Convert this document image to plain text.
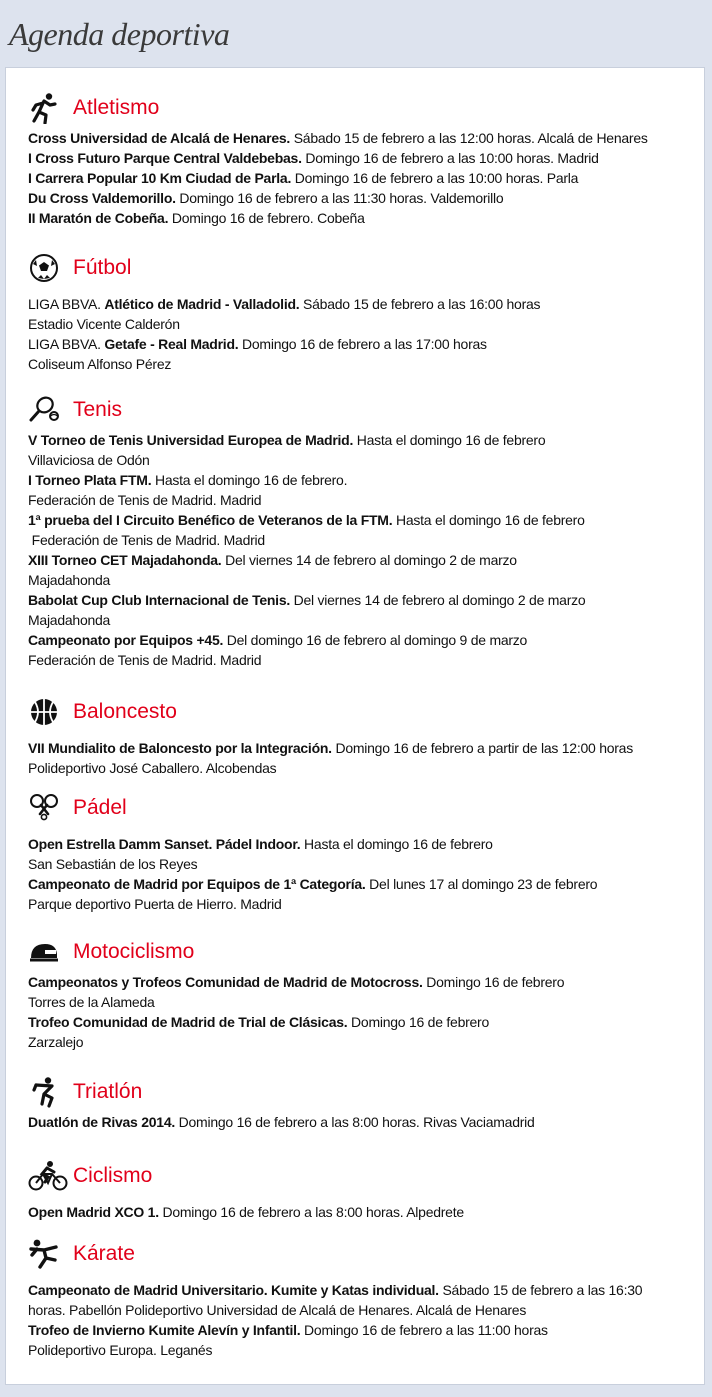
Agenda deportiva
Atletismo
Cross Universidad de Alcalá de Henares. Sábado 15 de febrero a las 12:00 horas. Alcalá de Henares
I Cross Futuro Parque Central Valdebebas. Domingo 16 de febrero a las 10:00 horas. Madrid
I Carrera Popular 10 Km Ciudad de Parla. Domingo 16 de febrero a las 10:00 horas. Parla
Du Cross Valdemorillo. Domingo 16 de febrero a las 11:30 horas. Valdemorillo
II Maratón de Cobeña. Domingo 16 de febrero. Cobeña
Fútbol
LIGA BBVA. Atlético de Madrid - Valladolid. Sábado 15 de febrero a las 16:00 horas
Estadio Vicente Calderón
LIGA BBVA. Getafe - Real Madrid. Domingo 16 de febrero a las 17:00 horas
Coliseum Alfonso Pérez
Tenis
V Torneo de Tenis Universidad Europea de Madrid. Hasta el domingo 16 de febrero
Villaviciosa de Odón
I Torneo Plata FTM. Hasta el domingo 16 de febrero.
Federación de Tenis de Madrid. Madrid
1ª prueba del I Circuito Benéfico de Veteranos de la FTM. Hasta el domingo 16 de febrero
Federación de Tenis de Madrid. Madrid
XIII Torneo CET Majadahonda. Del viernes 14 de febrero al domingo 2 de marzo
Majadahonda
Babolat Cup Club Internacional de Tenis. Del viernes 14 de febrero al domingo 2 de marzo
Majadahonda
Campeonato por Equipos +45. Del domingo 16 de febrero al domingo 9 de marzo
Federación de Tenis de Madrid. Madrid
Baloncesto
VII Mundialito de Baloncesto por la Integración. Domingo 16 de febrero a partir de las 12:00 horas
Polideportivo José Caballero. Alcobendas
Pádel
Open Estrella Damm Sanset. Pádel Indoor. Hasta el domingo 16 de febrero
San Sebastián de los Reyes
Campeonato de Madrid por Equipos de 1ª Categoría. Del lunes 17 al domingo 23 de febrero
Parque deportivo Puerta de Hierro. Madrid
Motociclismo
Campeonatos y Trofeos Comunidad de Madrid de Motocross. Domingo 16 de febrero
Torres de la Alameda
Trofeo Comunidad de Madrid de Trial de Clásicas. Domingo 16 de febrero
Zarzalejo
Triatlón
Duatlón de Rivas 2014. Domingo 16 de febrero a las 8:00 horas. Rivas Vaciamadrid
Ciclismo
Open Madrid XCO 1. Domingo 16 de febrero a las 8:00 horas. Alpedrete
Kárate
Campeonato de Madrid Universitario. Kumite y Katas individual. Sábado 15 de febrero a las 16:30 horas. Pabellón Polideportivo Universidad de Alcalá de Henares. Alcalá de Henares
Trofeo de Invierno Kumite Alevín y Infantil. Domingo 16 de febrero a las 11:00 horas
Polideportivo Europa. Leganés
